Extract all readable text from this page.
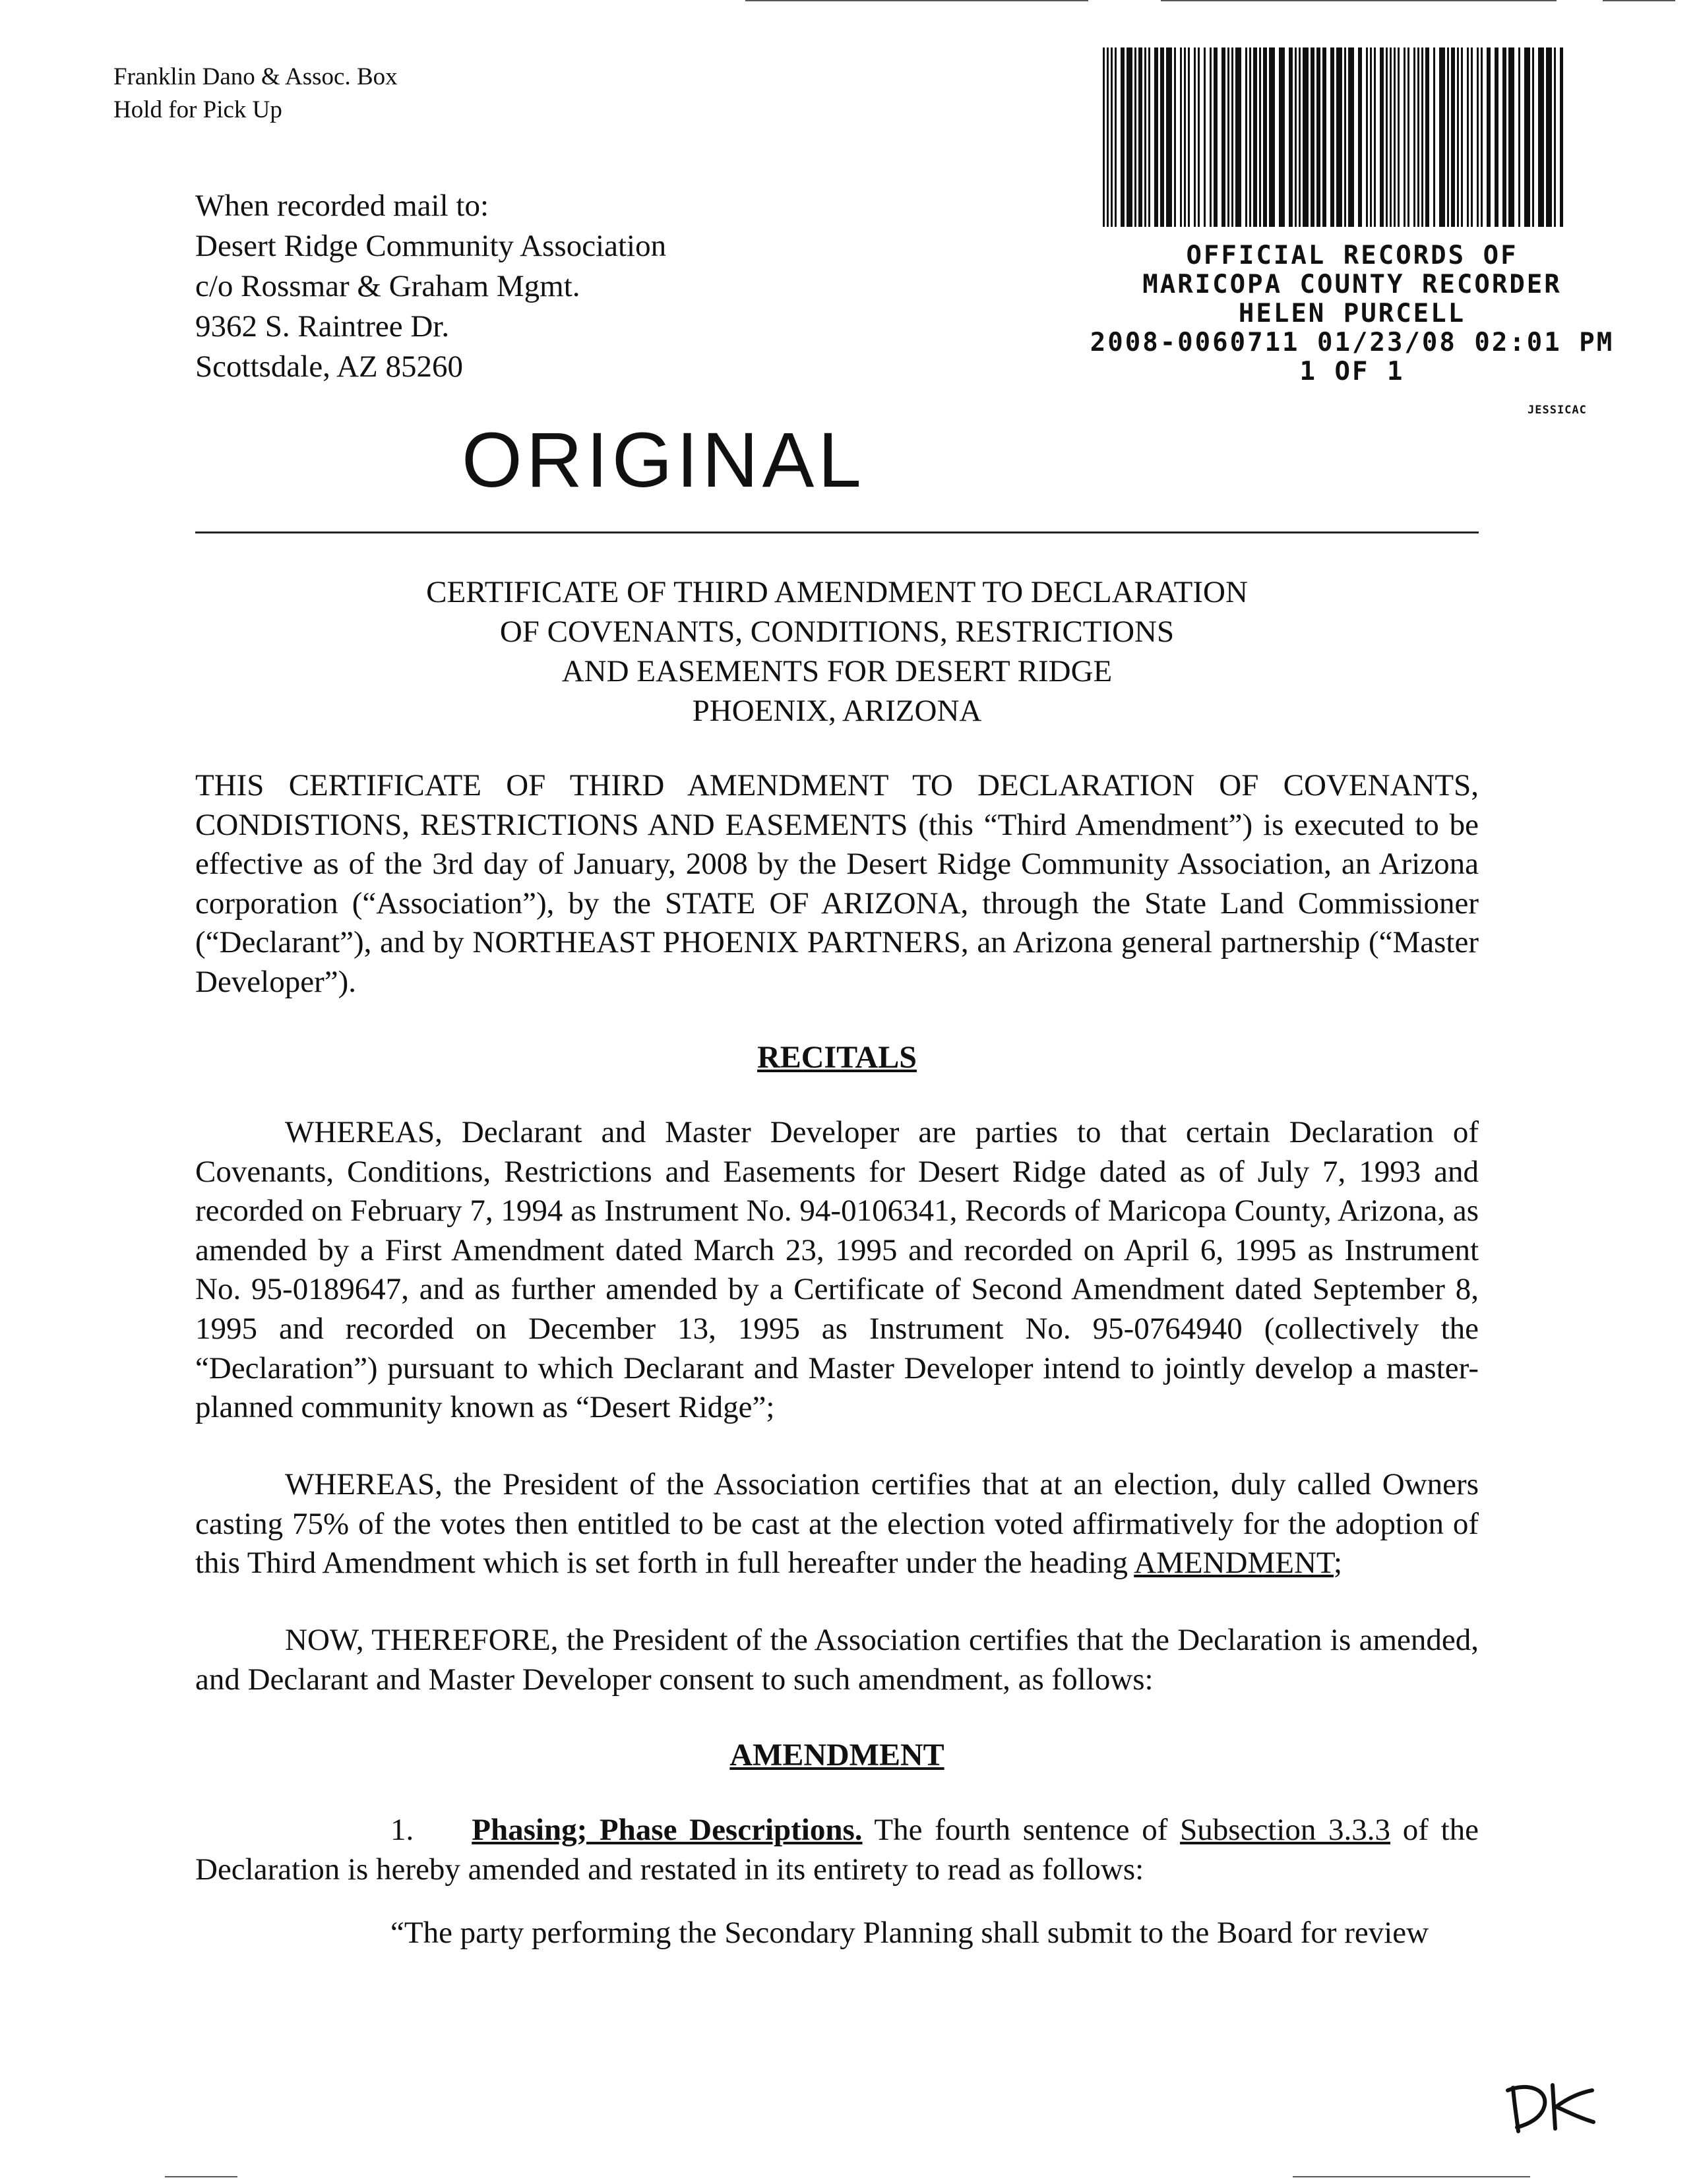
Franklin Dano & Assoc. Box
Hold for Pick Up
When recorded mail to:
Desert Ridge Community Association
c/o Rossmar & Graham Mgmt.
9362 S. Raintree Dr.
Scottsdale, AZ 85260
OFFICIAL RECORDS OF
MARICOPA COUNTY RECORDER
HELEN PURCELL
2008-0060711 01/23/08 02:01 PM
1 OF 1
JESSICAC
ORIGINAL
CERTIFICATE OF THIRD AMENDMENT TO DECLARATION
OF COVENANTS, CONDITIONS, RESTRICTIONS
AND EASEMENTS FOR DESERT RIDGE
PHOENIX, ARIZONA
THIS CERTIFICATE OF THIRD AMENDMENT TO DECLARATION OF COVENANTS, CONDISTIONS, RESTRICTIONS AND EASEMENTS (this “Third Amendment”) is executed to be effective as of the 3rd day of January, 2008 by the Desert Ridge Community Association, an Arizona corporation (“Association”), by the STATE OF ARIZONA, through the State Land Commissioner (“Declarant”), and by NORTHEAST PHOENIX PARTNERS, an Arizona general partnership (“Master Developer”).
RECITALS
WHEREAS, Declarant and Master Developer are parties to that certain Declaration of Covenants, Conditions, Restrictions and Easements for Desert Ridge dated as of July 7, 1993 and recorded on February 7, 1994 as Instrument No. 94-0106341, Records of Maricopa County, Arizona, as amended by a First Amendment dated March 23, 1995 and recorded on April 6, 1995 as Instrument No. 95-0189647, and as further amended by a Certificate of Second Amendment dated September 8, 1995 and recorded on December 13, 1995 as Instrument No. 95-0764940 (collectively the “Declaration”) pursuant to which Declarant and Master Developer intend to jointly develop a master-planned community known as “Desert Ridge”;
WHEREAS, the President of the Association certifies that at an election, duly called Owners casting 75% of the votes then entitled to be cast at the election voted affirmatively for the adoption of this Third Amendment which is set forth in full hereafter under the heading AMENDMENT;
NOW, THEREFORE, the President of the Association certifies that the Declaration is amended, and Declarant and Master Developer consent to such amendment, as follows:
AMENDMENT
1. Phasing; Phase Descriptions. The fourth sentence of Subsection 3.3.3 of the Declaration is hereby amended and restated in its entirety to read as follows:
“The party performing the Secondary Planning shall submit to the Board for review
